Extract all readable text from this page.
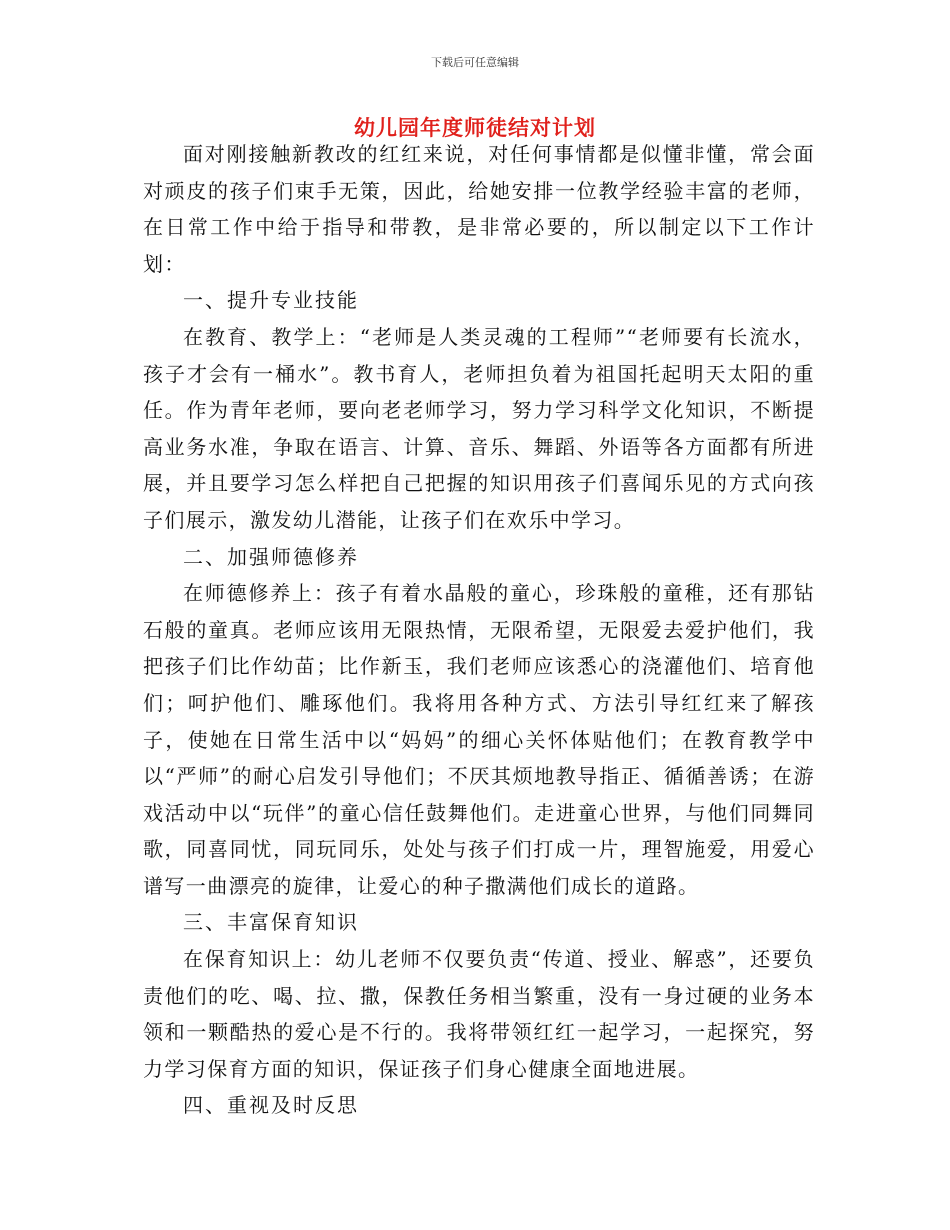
下载后可任意编辑
幼儿园年度师徒结对计划

面对刚接触新教改的红红来说，对任何事情都是似懂非懂，常会面对顽皮的孩子们束手无策，因此，给她安排一位教学经验丰富的老师，在日常工作中给于指导和带教，是非常必要的，所以制定以下工作计划：

一、提升专业技能

在教育、教学上：“老师是人类灵魂的工程师”“老师要有长流水，孩子才会有一桶水”。教书育人，老师担负着为祖国托起明天太阳的重任。作为青年老师，要向老老师学习，努力学习科学文化知识，不断提高业务水准，争取在语言、计算、音乐、舞蹈、外语等各方面都有所进展，并且要学习怎么样把自己把握的知识用孩子们喜闻乐见的方式向孩子们展示，激发幼儿潜能，让孩子们在欢乐中学习。

二、加强师德修养

在师德修养上：孩子有着水晶般的童心，珍珠般的童稚，还有那钻石般的童真。老师应该用无限热情，无限希望，无限爱去爱护他们，我把孩子们比作幼苗；比作新玉，我们老师应该悉心的浇灌他们、培育他们；呵护他们、雕琢他们。我将用各种方式、方法引导红红来了解孩子，使她在日常生活中以“妈妈”的细心关怀体贴他们；在教育教学中以“严师”的耐心启发引导他们；不厌其烦地教导指正、循循善诱；在游戏活动中以“玩伴”的童心信任鼓舞他们。走进童心世界，与他们同舞同歌，同喜同忧，同玩同乐，处处与孩子们打成一片，理智施爱，用爱心谱写一曲漂亮的旋律，让爱心的种子撒满他们成长的道路。

三、丰富保育知识

在保育知识上：幼儿老师不仅要负责“传道、授业、解惑”，还要负责他们的吃、喝、拉、撒，保教任务相当繁重，没有一身过硬的业务本领和一颗酷热的爱心是不行的。我将带领红红一起学习，一起探究，努力学习保育方面的知识，保证孩子们身心健康全面地进展。

四、重视及时反思
